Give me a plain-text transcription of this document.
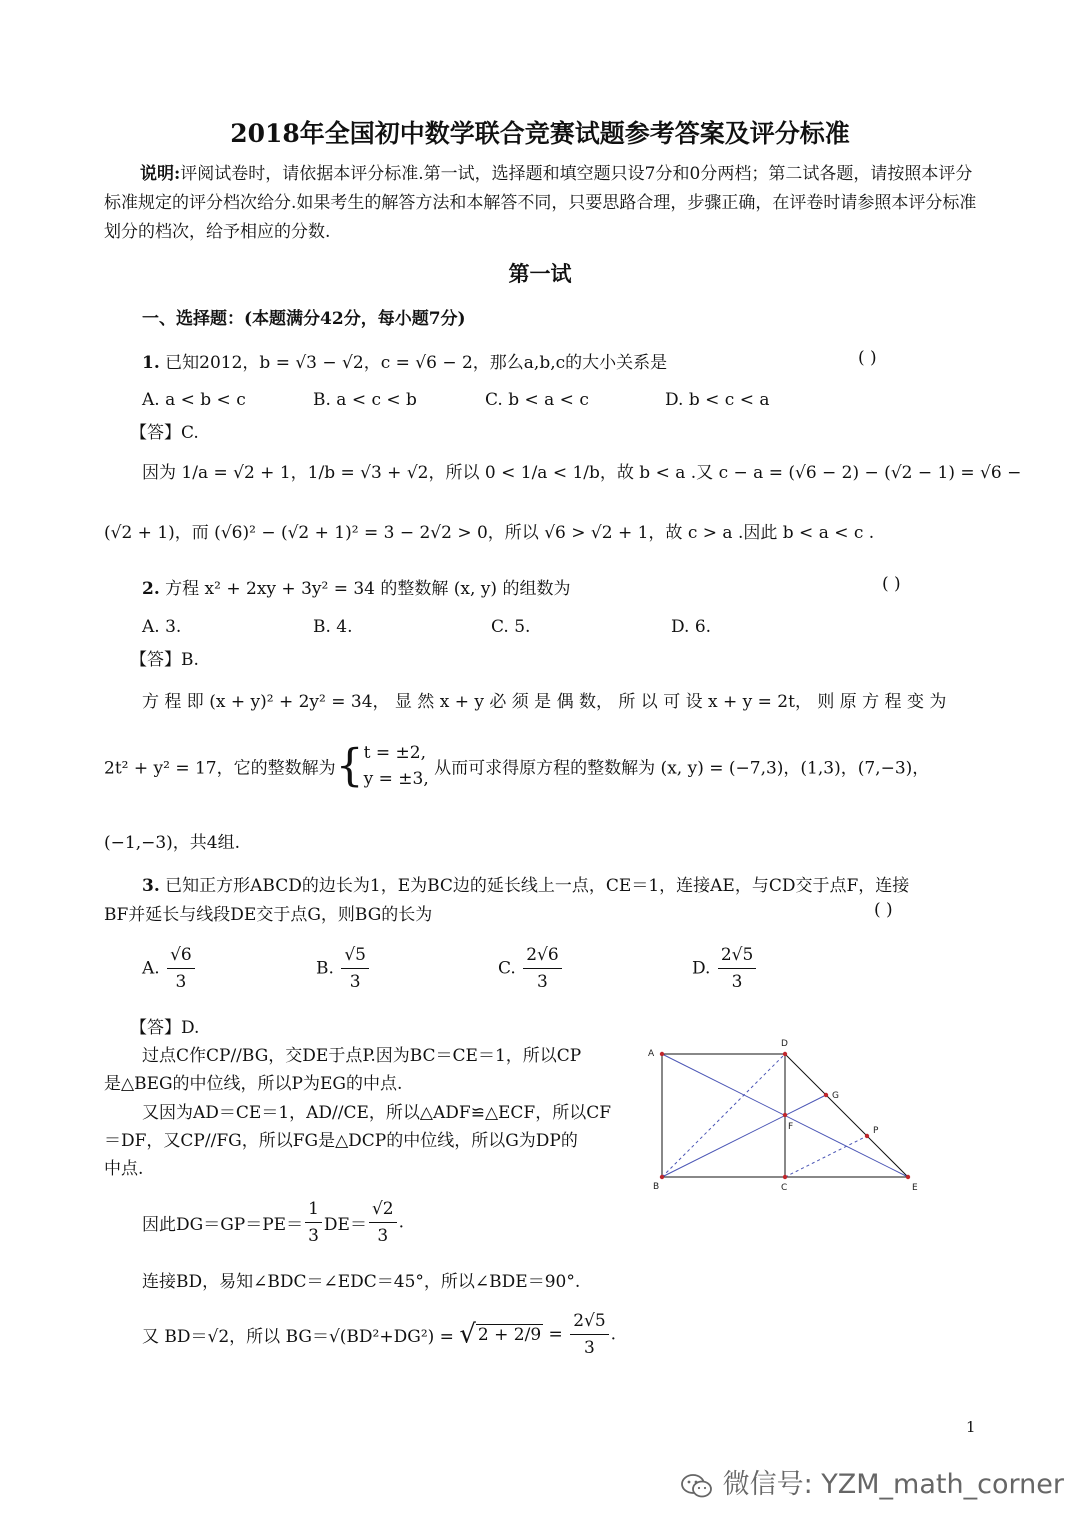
2018年全国初中数学联合竞赛试题参考答案及评分标准
说明:评阅试卷时，请依据本评分标准.第一试，选择题和填空题只设7分和0分两档；第二试各题，请按照本评分标准规定的评分档次给分.如果考生的解答方法和本解答不同，只要思路合理，步骤正确，在评卷时请参照本评分标准划分的档次，给予相应的分数.
第一试
一、选择题：(本题满分42分，每小题7分)
1. 已知2012，b = √3 − √2，c = √6 − 2，那么a,b,c的大小关系是	( )
A. a < b < c	B. a < c < b	C. b < a < c	D. b < c < a
【答】C.
因为 1/a = √2 + 1，1/b = √3 + √2，所以 0 < 1/a < 1/b，故 b < a .又 c − a = (√6 − 2) − (√2 − 1) = √6 −
(√2 + 1)，而 (√6)² − (√2 + 1)² = 3 − 2√2 > 0，所以 √6 > √2 + 1，故 c > a .因此 b < a < c .
2. 方程 x² + 2xy + 3y² = 34 的整数解 (x, y) 的组数为	( )
A. 3.	B. 4.	C. 5.	D. 6.
【答】B.
方 程 即 (x + y)² + 2y² = 34， 显 然 x + y 必 须 是 偶 数， 所 以 可 设 x + y = 2t， 则 原 方 程 变 为
2t² + y² = 17，它的整数解为{ t = ±2,
y = ±3,
从而可求得原方程的整数解为 (x, y) = (−7,3)，(1,3)，(7,−3)，
(−1,−3)，共4组.
3. 已知正方形ABCD的边长为1，E为BC边的延长线上一点，CE＝1，连接AE，与CD交于点F，连接
BF并延长与线段DE交于点G，则BG的长为	( )
A. $\frac{√6}{3}$	B. $\frac{√5}{3}$	C. $\frac{2√6}{3}$	D. $\frac{2√5}{3}$
【答】D.
过点C作CP//BG，交DE于点P.因为BC＝CE＝1，所以CP
是△BEG的中位线，所以P为EG的中点.
又因为AD＝CE＝1，AD//CE，所以△ADF≌△ECF，所以CF
＝DF，又CP//FG，所以FG是△DCP的中位线，所以G为DP的
中点.
因此$DG=GP=PE= \frac{1}{3} DE= \frac{√2}{3}$ .
连接BD，易知∠BDC＝∠EDC＝45°，所以∠BDE＝90°.
又 BD＝√2，所以 BG＝√(BD²+DG²) = √ $2 + 2/9 = \frac{2√5}{3}$ .
A
D
G
P
F
B	C	E
1
微信号: YZM_math_corner
